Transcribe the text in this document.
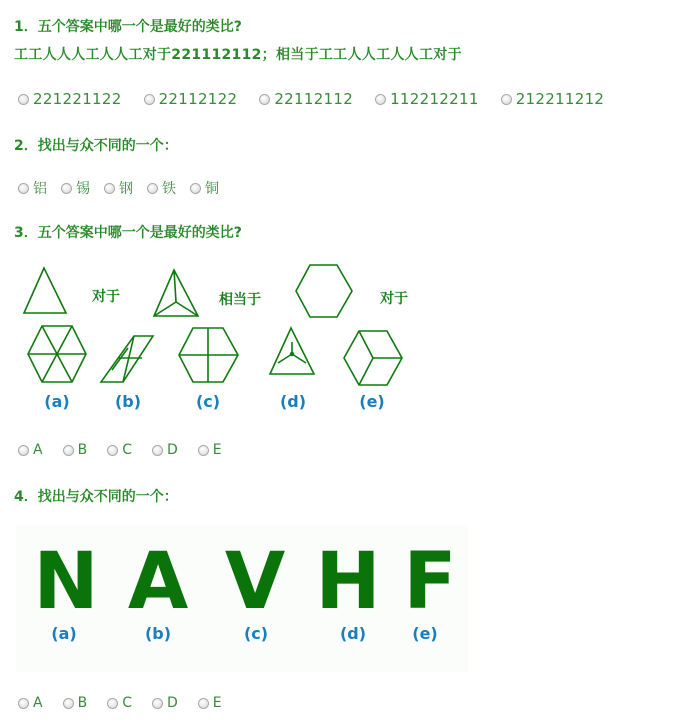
1．五个答案中哪一个是最好的类比?
工工人人人工人人工对于221112112；相当于工工人人工人人工对于
221221122 22112122 22112112 112212211 212211212
2．找出与众不同的一个：
铝 锡 钢 铁 铜
3．五个答案中哪一个是最好的类比?
对于	相当于	对于
(a)	(b)	(c)	(d)	(e)
A	B	C	D	E
4．找出与众不同的一个：
N A V H F
(a)	(b)	(c)	(d)	(e)
A	B	C	D	E
